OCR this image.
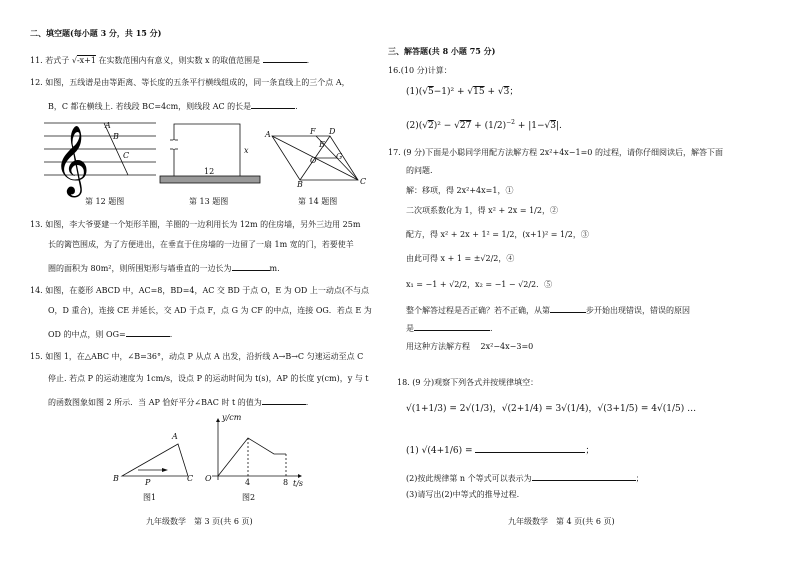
二、填空题(每小题 3 分，共 15 分)
11. 若式子 √-x+1 在实数范围内有意义，则实数 x 的取值范围是	.
12. 如图，五线谱是由等距离、等长度的五条平行横线组成的，同一条直线上的三个点 A，
B，C 都在横线上. 若线段 BC=4cm，则线段 AC 的长是	.
𝄞 A
B
C
第 12 题图
x
12
第 13 题图
A	F D
E
O G
B	C
第 14 题图
13. 如图，李大爷要建一个矩形羊圈，羊圈的一边利用长为 12m 的住房墙，另外三边用 25m
长的篱笆围成，为了方便进出，在垂直于住房墙的一边留了一扇 1m 宽的门，若要使羊
圈的面积为 80m²，则所围矩形与墙垂直的一边长为	m.
14. 如图，在菱形 ABCD 中，AC=8，BD=4，AC 交 BD 于点 O，E 为 OD 上一动点(不与点
O，D 重合)，连接 CE 并延长，交 AD 于点 F，点 G 为 CF 的中点，连接 OG．若点 E 为
OD 的中点，则 OG=	.
15. 如图 1，在△ABC 中，∠B=36°，动点 P 从点 A 出发，沿折线 A→B→C 匀速运动至点 C
停止. 若点 P 的运动速度为 1cm/s，设点 P 的运动时间为 t(s)，AP 的长度 y(cm)，y 与 t
的函数图象如图 2 所示．当 AP 恰好平分∠BAC 时 t 的值为	.
A
B	C
P
图1
y/cm
O	4	8 t/s
图2
九年级数学　第 3 页(共 6 页)
三、解答题(共 8 小题 75 分)
16.(10 分)计算：
(1)(√5−1)² + √15 + √3；
$(2)(√2)^2 - √27 + (1/2)^{-2} + |1-√3|$.
17. (9 分)下面是小聪同学用配方法解方程 2x²+4x−1=0 的过程，请你仔细阅读后，解答下面
的问题.
解：移项，得 2x²+4x=1，①
二次项系数化为 1，得 x² + 2x = 1/2，②
配方，得 x² + 2x + 1² = 1/2，(x+1)² = 1/2，③
由此可得 x + 1 = ±√2/2，④
x₁ = −1 + √2/2，x₂ = −1 − √2/2．⑤
整个解答过程是否正确？若不正确，从第	步开始出现错误，错误的原因
是	.
用这种方法解方程　 2x²−4x−3=0
18. (9 分)观察下列各式并按规律填空：
√(1+1/3) = 2√(1/3)，√(2+1/4) = 3√(1/4)，√(3+1/5) = 4√(1/5) …
(1) √(4+1/6) =	；
(2)按此规律第 n 个等式可以表示为	；
(3)请写出(2)中等式的推导过程.
九年级数学　第 4 页(共 6 页)
